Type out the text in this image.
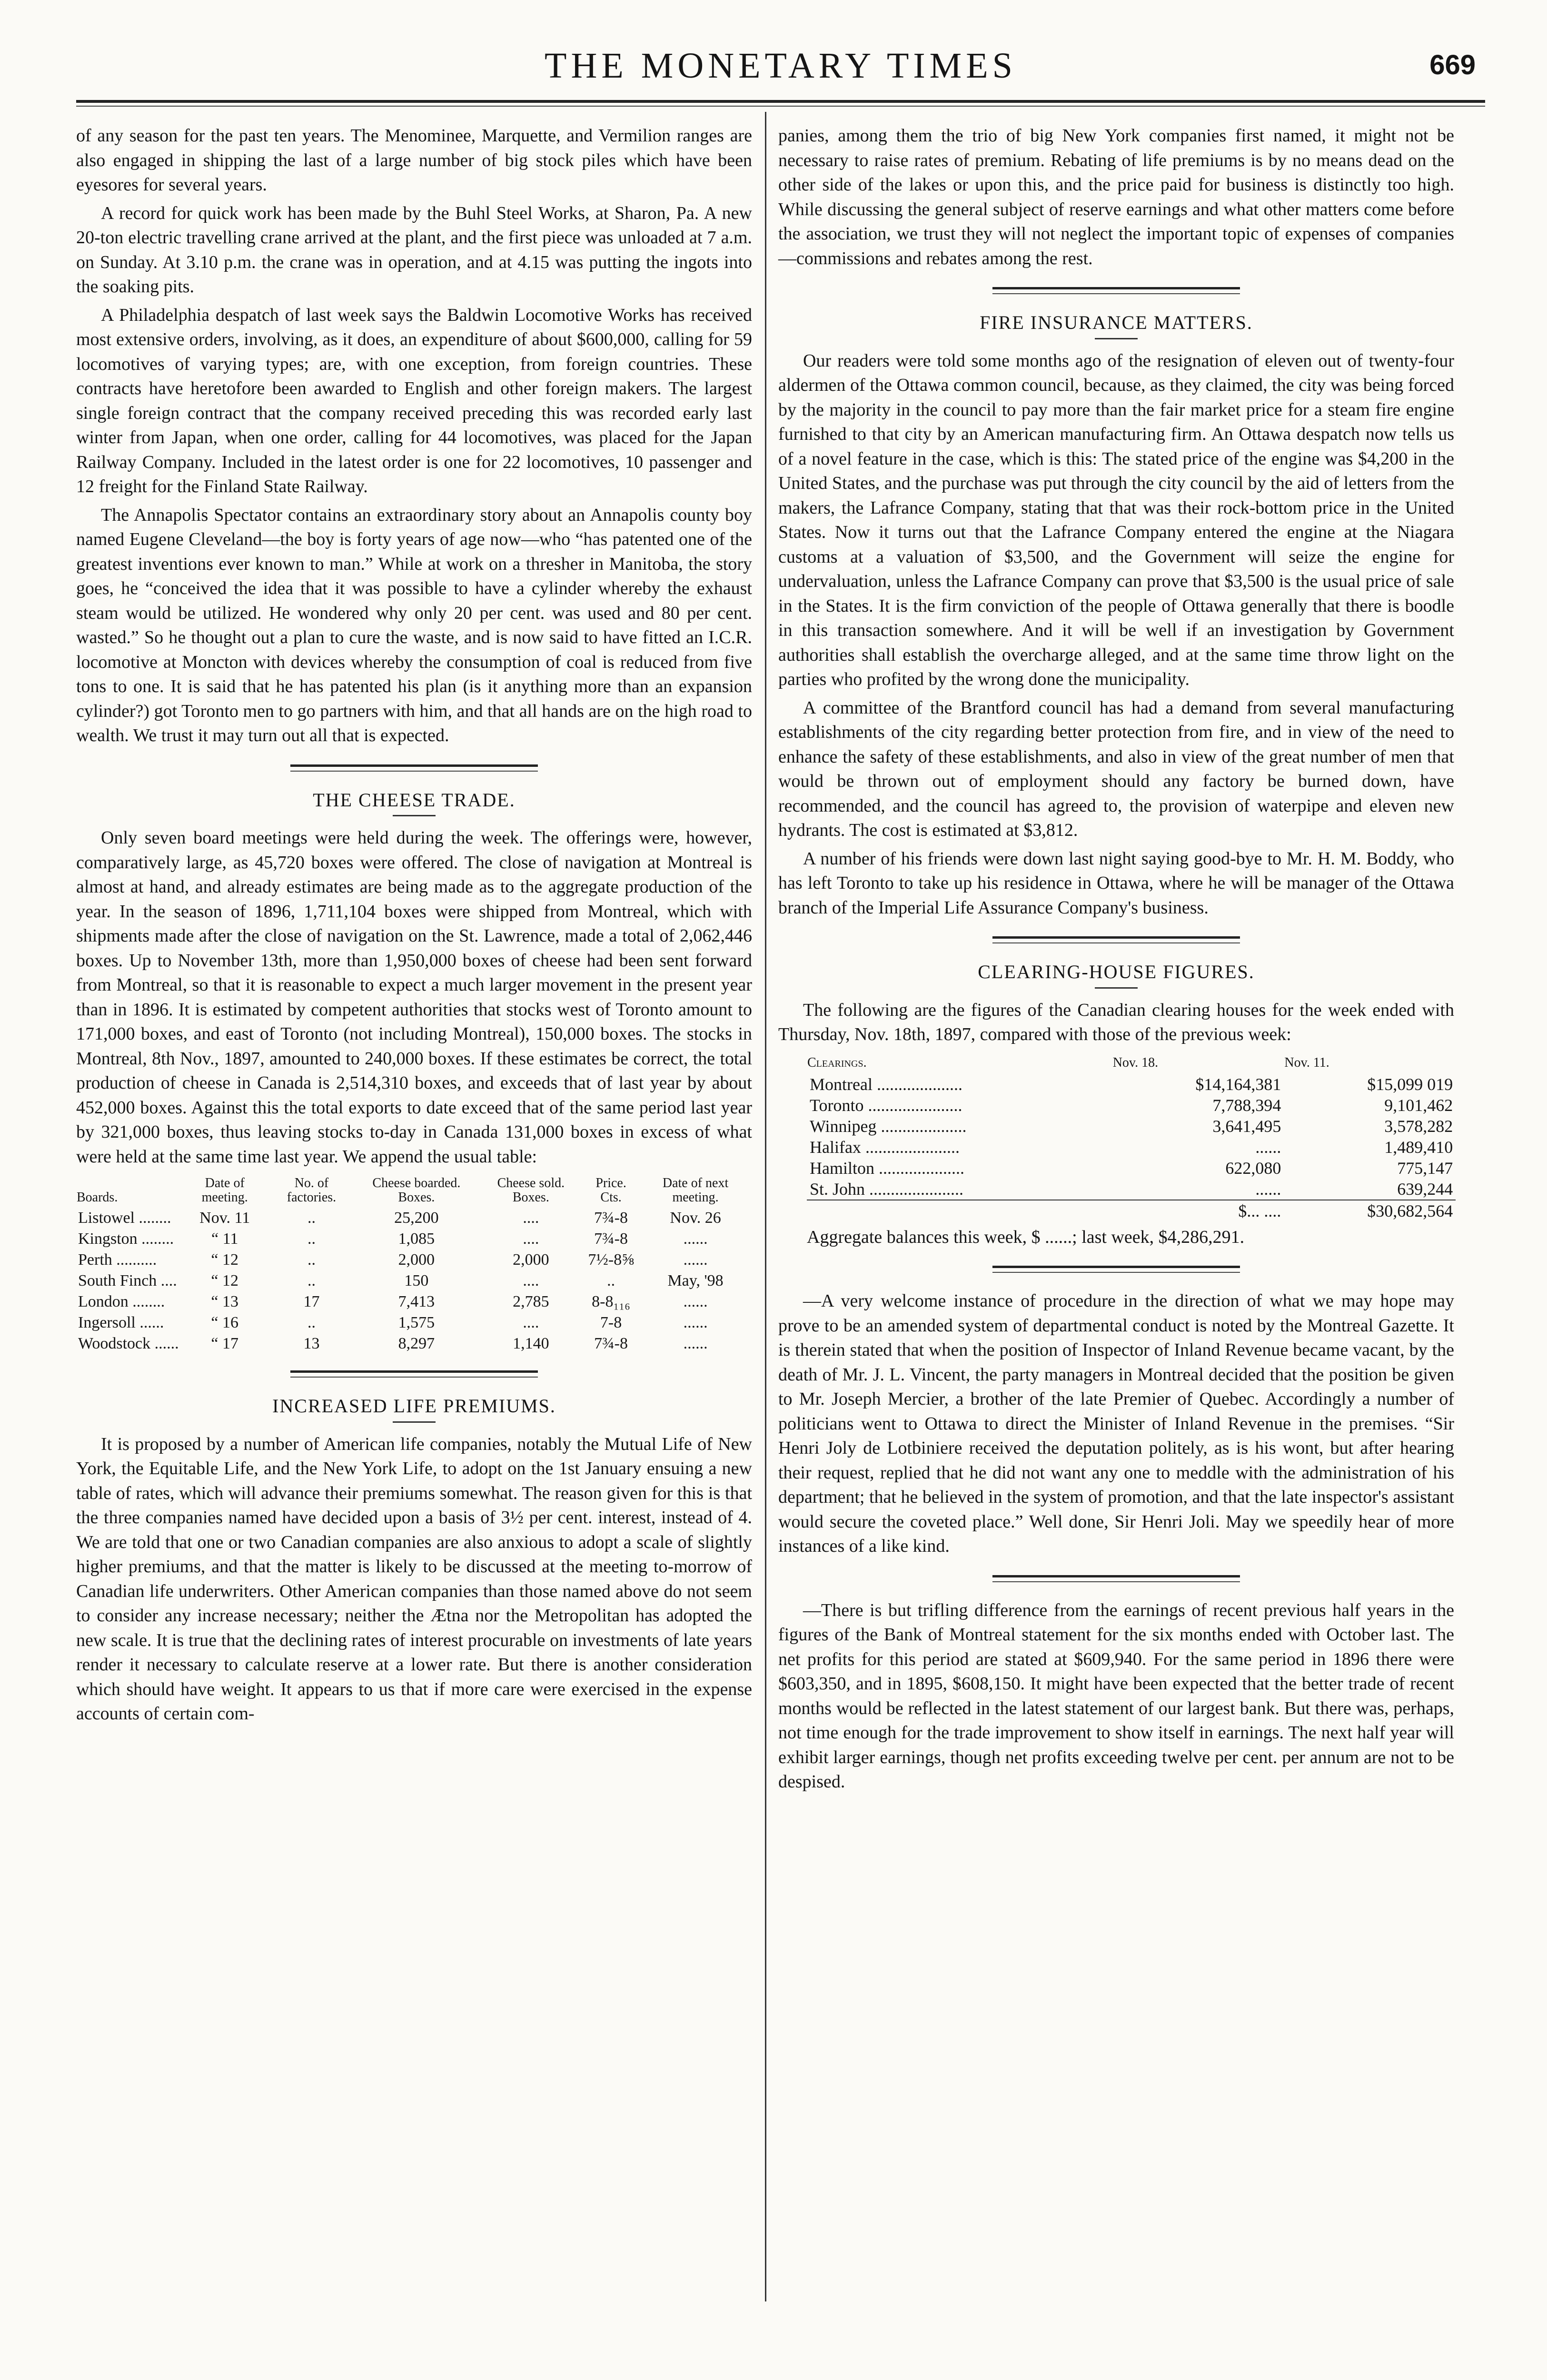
THE MONETARY TIMES	669

of any season for the past ten years. The Menominee, Marquette, and Vermilion ranges are also engaged in shipping the last of a large number of big stock piles which have been eyesores for several years.

A record for quick work has been made by the Buhl Steel Works, at Sharon, Pa. A new 20-ton electric travelling crane arrived at the plant, and the first piece was unloaded at 7 a.m. on Sunday. At 3.10 p.m. the crane was in operation, and at 4.15 was putting the ingots into the soaking pits.

A Philadelphia despatch of last week says the Baldwin Locomotive Works has received most extensive orders, involving, as it does, an expenditure of about $600,000, calling for 59 locomotives of varying types; are, with one exception, from foreign countries. These contracts have heretofore been awarded to English and other foreign makers. The largest single foreign contract that the company received preceding this was recorded early last winter from Japan, when one order, calling for 44 locomotives, was placed for the Japan Railway Company. Included in the latest order is one for 22 locomotives, 10 passenger and 12 freight for the Finland State Railway.

The Annapolis Spectator contains an extraordinary story about an Annapolis county boy named Eugene Cleveland—the boy is forty years of age now—who “has patented one of the greatest inventions ever known to man.” While at work on a thresher in Manitoba, the story goes, he “conceived the idea that it was possible to have a cylinder whereby the exhaust steam would be utilized. He wondered why only 20 per cent. was used and 80 per cent. wasted.” So he thought out a plan to cure the waste, and is now said to have fitted an I.C.R. locomotive at Moncton with devices whereby the consumption of coal is reduced from five tons to one. It is said that he has patented his plan (is it anything more than an expansion cylinder?) got Toronto men to go partners with him, and that all hands are on the high road to wealth. We trust it may turn out all that is expected.

THE CHEESE TRADE.

Only seven board meetings were held during the week. The offerings were, however, comparatively large, as 45,720 boxes were offered. The close of navigation at Montreal is almost at hand, and already estimates are being made as to the aggregate production of the year. In the season of 1896, 1,711,104 boxes were shipped from Montreal, which with shipments made after the close of navigation on the St. Lawrence, made a total of 2,062,446 boxes. Up to November 13th, more than 1,950,000 boxes of cheese had been sent forward from Montreal, so that it is reasonable to expect a much larger movement in the present year than in 1896. It is estimated by competent authorities that stocks west of Toronto amount to 171,000 boxes, and east of Toronto (not including Montreal), 150,000 boxes. The stocks in Montreal, 8th Nov., 1897, amounted to 240,000 boxes. If these estimates be correct, the total production of cheese in Canada is 2,514,310 boxes, and exceeds that of last year by about 452,000 boxes. Against this the total exports to date exceed that of the same period last year by 321,000 boxes, thus leaving stocks to-day in Canada 131,000 boxes in excess of what were held at the same time last year. We append the usual table:

Boards.	Date of meeting.	No. of factories.	Cheese boarded. Boxes.	Cheese sold. Boxes.	Price. Cts.	Date of next meeting.
Listowel ........	Nov. 11	..	25,200	....	7¾-8	Nov. 26
Kingston ........	“ 11	..	1,085	....	7¾-8	......
Perth ..........	“ 12	..	2,000	2,000	7½-8⅝	......
South Finch ....	“ 12	..	150	....	..	May, '98
London ........	“ 13	17	7,413	2,785	8-8₁₁₆	......
Ingersoll ......	“ 16	..	1,575	....	7-8	......
Woodstock ......	“ 17	13	8,297	1,140	7¾-8	......
INCREASED LIFE PREMIUMS.

It is proposed by a number of American life companies, notably the Mutual Life of New York, the Equitable Life, and the New York Life, to adopt on the 1st January ensuing a new table of rates, which will advance their premiums somewhat. The reason given for this is that the three companies named have decided upon a basis of 3½ per cent. interest, instead of 4. We are told that one or two Canadian companies are also anxious to adopt a scale of slightly higher premiums, and that the matter is likely to be discussed at the meeting to-morrow of Canadian life underwriters. Other American companies than those named above do not seem to consider any increase necessary; neither the Ætna nor the Metropolitan has adopted the new scale. It is true that the declining rates of interest procurable on investments of late years render it necessary to calculate reserve at a lower rate. But there is another consideration which should have weight. It appears to us that if more care were exercised in the expense accounts of certain com-

panies, among them the trio of big New York companies first named, it might not be necessary to raise rates of premium. Rebating of life premiums is by no means dead on the other side of the lakes or upon this, and the price paid for business is distinctly too high. While discussing the general subject of reserve earnings and what other matters come before the association, we trust they will not neglect the important topic of expenses of companies—commissions and rebates among the rest.

FIRE INSURANCE MATTERS.

Our readers were told some months ago of the resignation of eleven out of twenty-four aldermen of the Ottawa common council, because, as they claimed, the city was being forced by the majority in the council to pay more than the fair market price for a steam fire engine furnished to that city by an American manufacturing firm. An Ottawa despatch now tells us of a novel feature in the case, which is this: The stated price of the engine was $4,200 in the United States, and the purchase was put through the city council by the aid of letters from the makers, the Lafrance Company, stating that that was their rock-bottom price in the United States. Now it turns out that the Lafrance Company entered the engine at the Niagara customs at a valuation of $3,500, and the Government will seize the engine for undervaluation, unless the Lafrance Company can prove that $3,500 is the usual price of sale in the States. It is the firm conviction of the people of Ottawa generally that there is boodle in this transaction somewhere. And it will be well if an investigation by Government authorities shall establish the overcharge alleged, and at the same time throw light on the parties who profited by the wrong done the municipality.

A committee of the Brantford council has had a demand from several manufacturing establishments of the city regarding better protection from fire, and in view of the need to enhance the safety of these establishments, and also in view of the great number of men that would be thrown out of employment should any factory be burned down, have recommended, and the council has agreed to, the provision of waterpipe and eleven new hydrants. The cost is estimated at $3,812.

A number of his friends were down last night saying good-bye to Mr. H. M. Boddy, who has left Toronto to take up his residence in Ottawa, where he will be manager of the Ottawa branch of the Imperial Life Assurance Company's business.

CLEARING-HOUSE FIGURES.

The following are the figures of the Canadian clearing houses for the week ended with Thursday, Nov. 18th, 1897, compared with those of the previous week:

Clearings.	Nov. 18.	Nov. 11.
Montreal ....................	$14,164,381	$15,099 019
Toronto ......................	7,788,394	9,101,462
Winnipeg ....................	3,641,495	3,578,282
Halifax ......................	......	1,489,410
Hamilton ....................	622,080	775,147
St. John ......................	......	639,244
	$... ....	$30,682,564

Aggregate balances this week, $ ......; last week, $4,286,291.

—A very welcome instance of procedure in the direction of what we may hope may prove to be an amended system of departmental conduct is noted by the Montreal Gazette. It is therein stated that when the position of Inspector of Inland Revenue became vacant, by the death of Mr. J. L. Vincent, the party managers in Montreal decided that the position be given to Mr. Joseph Mercier, a brother of the late Premier of Quebec. Accordingly a number of politicians went to Ottawa to direct the Minister of Inland Revenue in the premises. “Sir Henri Joly de Lotbiniere received the deputation politely, as is his wont, but after hearing their request, replied that he did not want any one to meddle with the administration of his department; that he believed in the system of promotion, and that the late inspector's assistant would secure the coveted place.” Well done, Sir Henri Joli. May we speedily hear of more instances of a like kind.

—There is but trifling difference from the earnings of recent previous half years in the figures of the Bank of Montreal statement for the six months ended with October last. The net profits for this period are stated at $609,940. For the same period in 1896 there were $603,350, and in 1895, $608,150. It might have been expected that the better trade of recent months would be reflected in the latest statement of our largest bank. But there was, perhaps, not time enough for the trade improvement to show itself in earnings. The next half year will exhibit larger earnings, though net profits exceeding twelve per cent. per annum are not to be despised.
